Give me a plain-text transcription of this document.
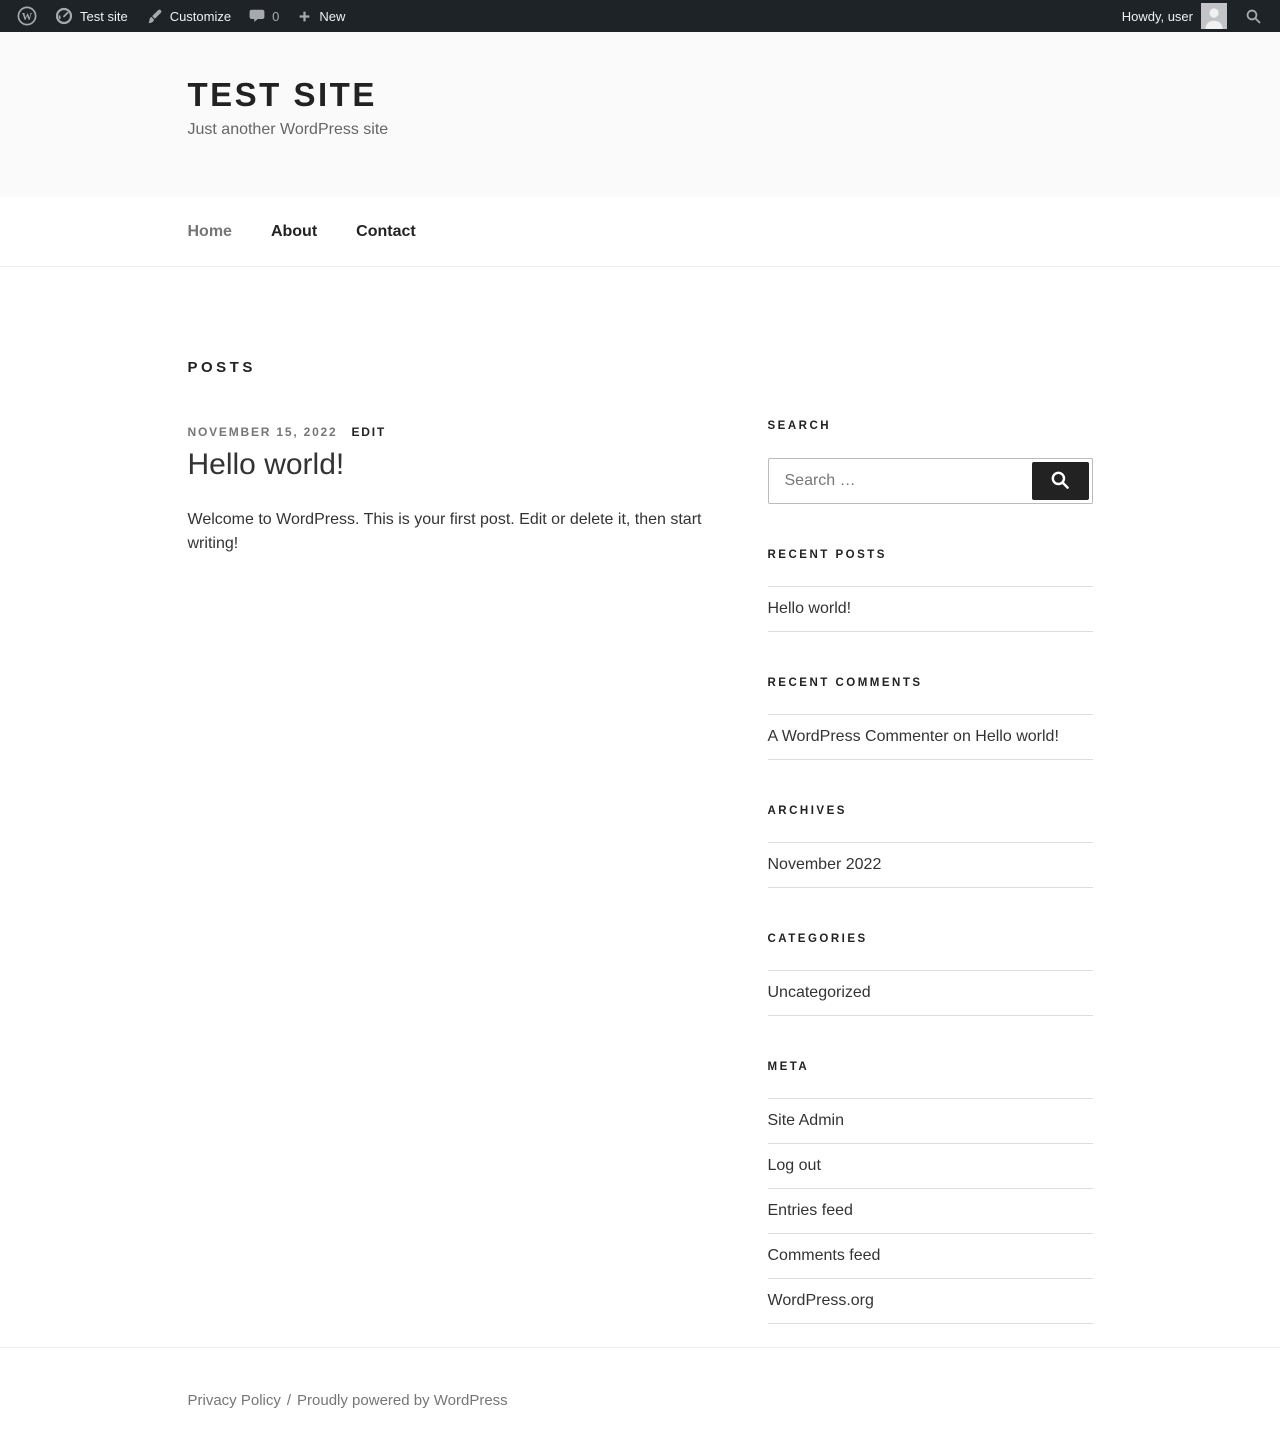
W	Test site	Customize	0	New	Howdy, user
TEST SITE

Just another WordPress site

Home About Contact
POSTS
NOVEMBER 15, 2022 EDIT
Hello world!

Welcome to WordPress. This is your first post. Edit or delete it, then start writing!

SEARCH
Search …
RECENT POSTS
Hello world!
RECENT COMMENTS
A WordPress Commenter on Hello world!
ARCHIVES
November 2022
CATEGORIES
Uncategorized
META
Site Admin
Log out
Entries feed
Comments feed
WordPress.org
Privacy Policy / Proudly powered by WordPress
